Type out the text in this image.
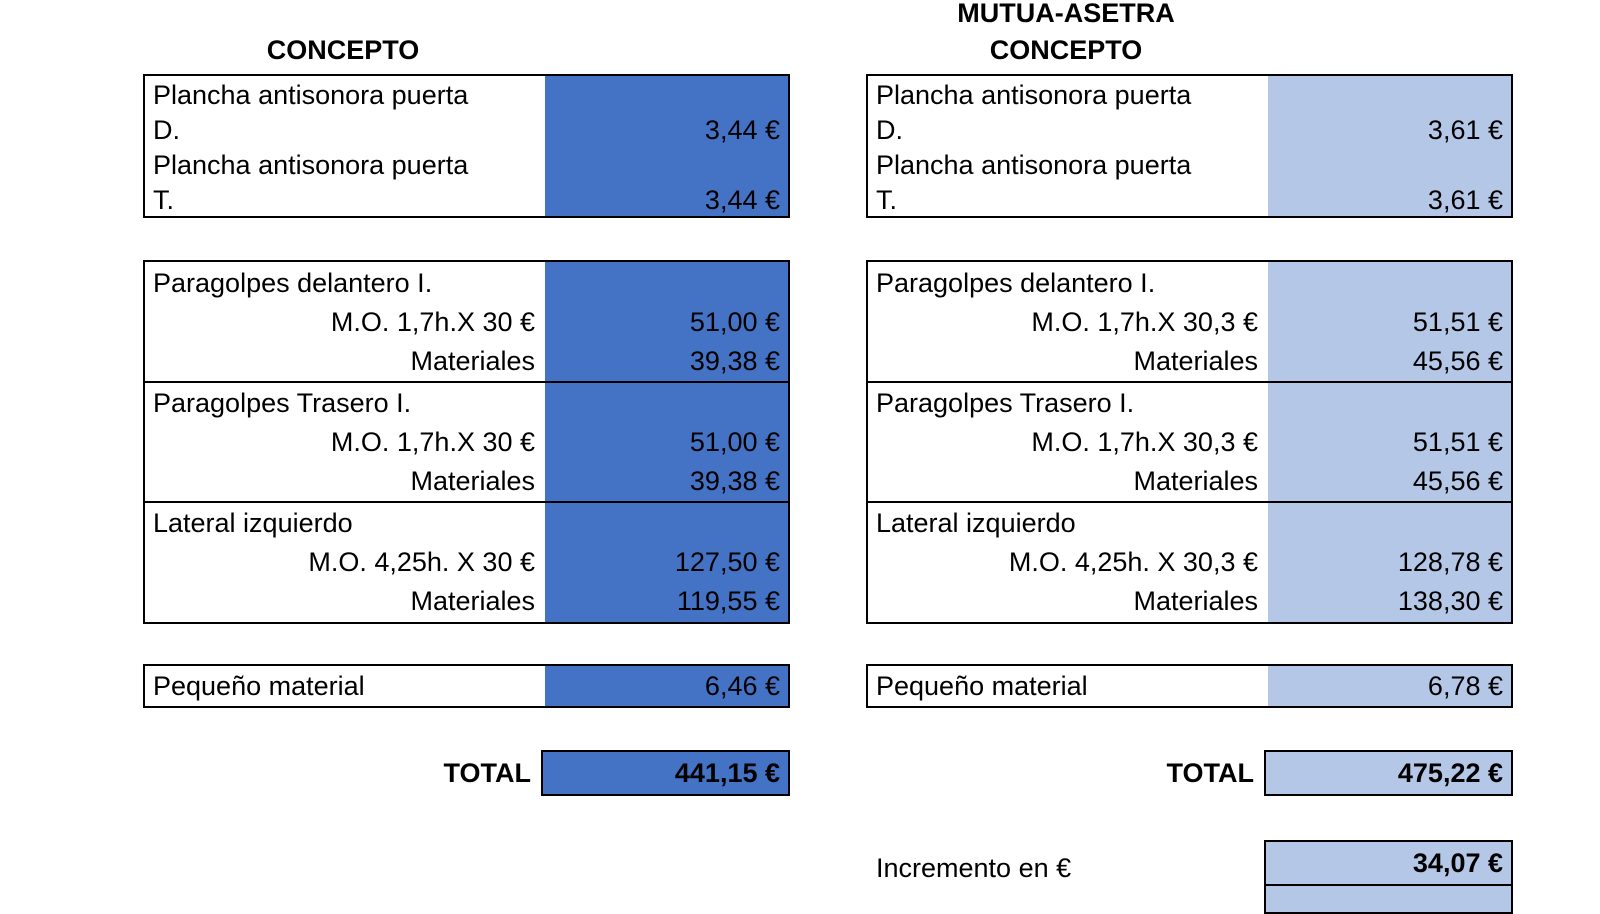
CONCEPTO
Plancha antisonora puerta
D.	3,44 €
Plancha antisonora puerta
T.	3,44 €
Paragolpes delantero I.
M.O. 1,7h.X 30 €	51,00 €
Materiales	39,38 €
Paragolpes Trasero I.
M.O. 1,7h.X 30 €	51,00 €
Materiales	39,38 €
Lateral izquierdo
M.O. 4,25h. X 30 €	127,50 €
Materiales	119,55 €
Pequeño material	6,46 €
TOTAL	441,15 €
MUTUA-ASETRA
CONCEPTO
Plancha antisonora puerta
D.	3,61 €
Plancha antisonora puerta
T.	3,61 €
Paragolpes delantero I.
M.O. 1,7h.X 30,3 €	51,51 €
Materiales	45,56 €
Paragolpes Trasero I.
M.O. 1,7h.X 30,3 €	51,51 €
Materiales	45,56 €
Lateral izquierdo
M.O. 4,25h. X 30,3 €	128,78 €
Materiales	138,30 €
Pequeño material	6,78 €
TOTAL	475,22 €
Incremento en €	34,07 €
